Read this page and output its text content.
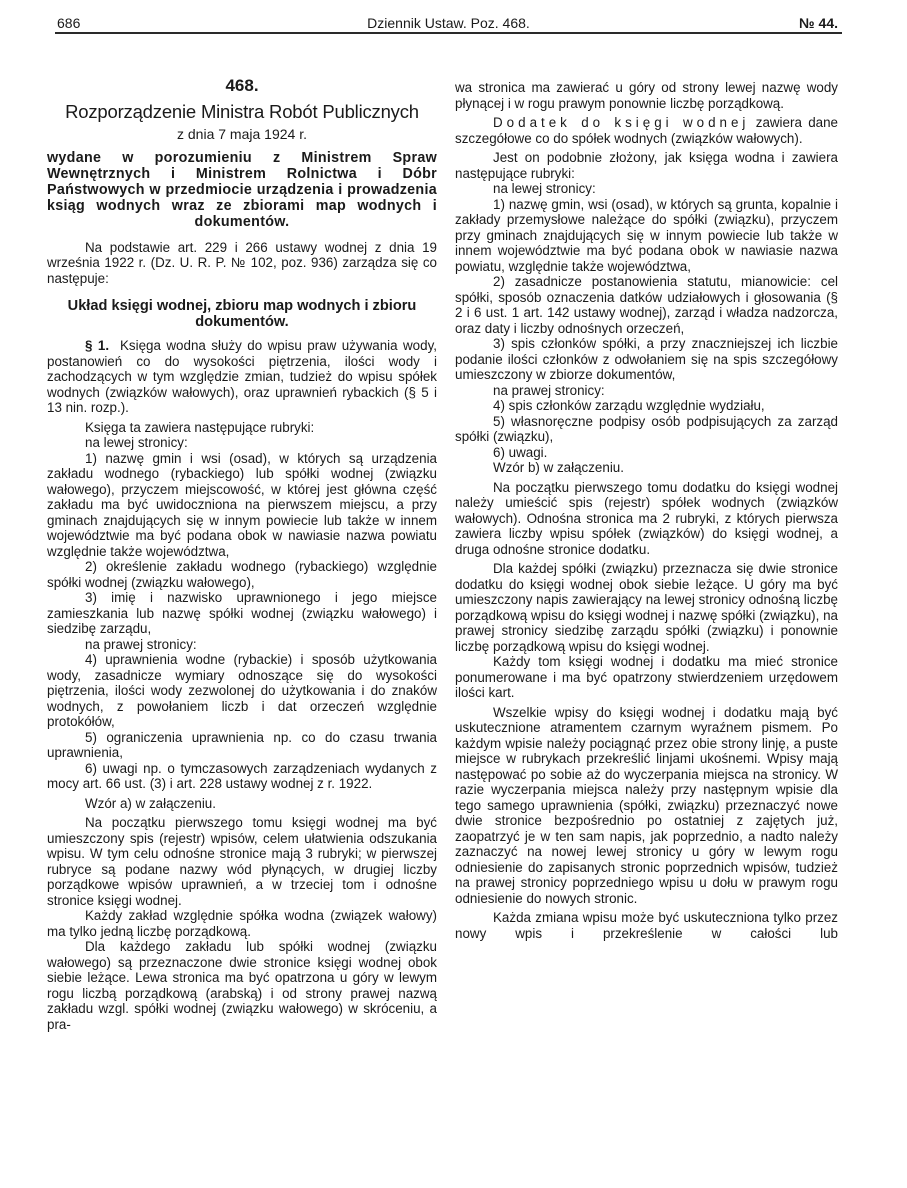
686	Dziennik Ustaw. Poz. 468.	№ 44.

468.

Rozporządzenie Ministra Robót Publicznych

z dnia 7 maja 1924 r.

wydane w porozumieniu z Ministrem Spraw Wewnętrznych i Ministrem Rolnictwa i Dóbr Państwowych w przedmiocie urządzenia i prowadzenia ksiąg wodnych wraz ze zbiorami map wodnych i dokumentów.

Na podstawie art. 229 i 266 ustawy wodnej z dnia 19 września 1922 r. (Dz. U. R. P. № 102, poz. 936) zarządza się co następuje:

Układ księgi wodnej, zbioru map wodnych i zbioru dokumentów.

§ 1. Księga wodna służy do wpisu praw używania wody, postanowień co do wysokości piętrzenia, ilości wody i zachodzących w tym względzie zmian, tudzież do wpisu spółek wodnych (związków wałowych), oraz uprawnień rybackich (§ 5 i 13 nin. rozp.).

Księga ta zawiera następujące rubryki:

na lewej stronicy:

1) nazwę gmin i wsi (osad), w których są urządzenia zakładu wodnego (rybackiego) lub spółki wodnej (związku wałowego), przyczem miejscowość, w której jest główna część zakładu ma być uwidoczniona na pierwszem miejscu, a przy gminach znajdujących się w innym powiecie lub także w innem województwie ma być podana obok w nawiasie nazwa powiatu względnie także województwa,

2) określenie zakładu wodnego (rybackiego) względnie spółki wodnej (związku wałowego),

3) imię i nazwisko uprawnionego i jego miejsce zamieszkania lub nazwę spółki wodnej (związku wałowego) i siedzibę zarządu,

na prawej stronicy:

4) uprawnienia wodne (rybackie) i sposób użytkowania wody, zasadnicze wymiary odnoszące się do wysokości piętrzenia, ilości wody zezwolonej do użytkowania i do znaków wodnych, z powołaniem liczb i dat orzeczeń względnie protokółów,

5) ograniczenia uprawnienia np. co do czasu trwania uprawnienia,

6) uwagi np. o tymczasowych zarządzeniach wydanych z mocy art. 66 ust. (3) i art. 228 ustawy wodnej z r. 1922.

Wzór a) w załączeniu.

Na początku pierwszego tomu księgi wodnej ma być umieszczony spis (rejestr) wpisów, celem ułatwienia odszukania wpisu. W tym celu odnośne stronice mają 3 rubryki; w pierwszej rubryce są podane nazwy wód płynących, w drugiej liczby porządkowe wpisów uprawnień, a w trzeciej tom i odnośne stronice księgi wodnej.

Każdy zakład względnie spółka wodna (związek wałowy) ma tylko jedną liczbę porządkową.

Dla każdego zakładu lub spółki wodnej (związku wałowego) są przeznaczone dwie stronice księgi wodnej obok siebie leżące. Lewa stronica ma być opatrzona u góry w lewym rogu liczbą porządkową (arabską) i od strony prawej nazwą zakładu wzgl. spółki wodnej (związku wałowego) w skróceniu, a pra-

wa stronica ma zawierać u góry od strony lewej nazwę wody płynącej i w rogu prawym ponownie liczbę porządkową.

Dodatek do księgi wodnej zawiera dane szczegółowe co do spółek wodnych (związków wałowych).

Jest on podobnie złożony, jak księga wodna i zawiera następujące rubryki:

na lewej stronicy:

1) nazwę gmin, wsi (osad), w których są grunta, kopalnie i zakłady przemysłowe należące do spółki (związku), przyczem przy gminach znajdujących się w innym powiecie lub także w innem województwie ma być podana obok w nawiasie nazwa powiatu, względnie także województwa,

2) zasadnicze postanowienia statutu, mianowicie: cel spółki, sposób oznaczenia datków udziałowych i głosowania (§ 2 i 6 ust. 1 art. 142 ustawy wodnej), zarząd i władza nadzorcza, oraz daty i liczby odnośnych orzeczeń,

3) spis członków spółki, a przy znaczniejszej ich liczbie podanie ilości członków z odwołaniem się na spis szczegółowy umieszczony w zbiorze dokumentów,

na prawej stronicy:

4) spis członków zarządu względnie wydziału,

5) własnoręczne podpisy osób podpisujących za zarząd spółki (związku),

6) uwagi.

Wzór b) w załączeniu.

Na początku pierwszego tomu dodatku do księgi wodnej należy umieścić spis (rejestr) spółek wodnych (związków wałowych). Odnośna stronica ma 2 rubryki, z których pierwsza zawiera liczby wpisu spółek (związków) do księgi wodnej, a druga odnośne stronice dodatku.

Dla każdej spółki (związku) przeznacza się dwie stronice dodatku do księgi wodnej obok siebie leżące. U góry ma być umieszczony napis zawierający na lewej stronicy odnośną liczbę porządkową wpisu do księgi wodnej i nazwę spółki (związku), na prawej stronicy siedzibę zarządu spółki (związku) i ponownie liczbę porządkową wpisu do księgi wodnej.

Każdy tom księgi wodnej i dodatku ma mieć stronice ponumerowane i ma być opatrzony stwierdzeniem urzędowem ilości kart.

Wszelkie wpisy do księgi wodnej i dodatku mają być uskutecznione atramentem czarnym wyraźnem pismem. Po każdym wpisie należy pociągnąć przez obie strony linję, a puste miejsce w rubrykach przekreślić linjami ukośnemi. Wpisy mają następować po sobie aż do wyczerpania miejsca na stronicy. W razie wyczerpania miejsca należy przy następnym wpisie dla tego samego uprawnienia (spółki, związku) przeznaczyć nowe dwie stronice bezpośrednio po ostatniej z zajętych już, zaopatrzyć je w ten sam napis, jak poprzednio, a nadto należy zaznaczyć na nowej lewej stronicy u góry w lewym rogu odniesienie do zapisanych stronic poprzednich wpisów, tudzież na prawej stronicy poprzedniego wpisu u dołu w prawym rogu odniesienie do nowych stronic.

Każda zmiana wpisu może być uskuteczniona tylko przez nowy wpis i przekreślenie w całości lub
